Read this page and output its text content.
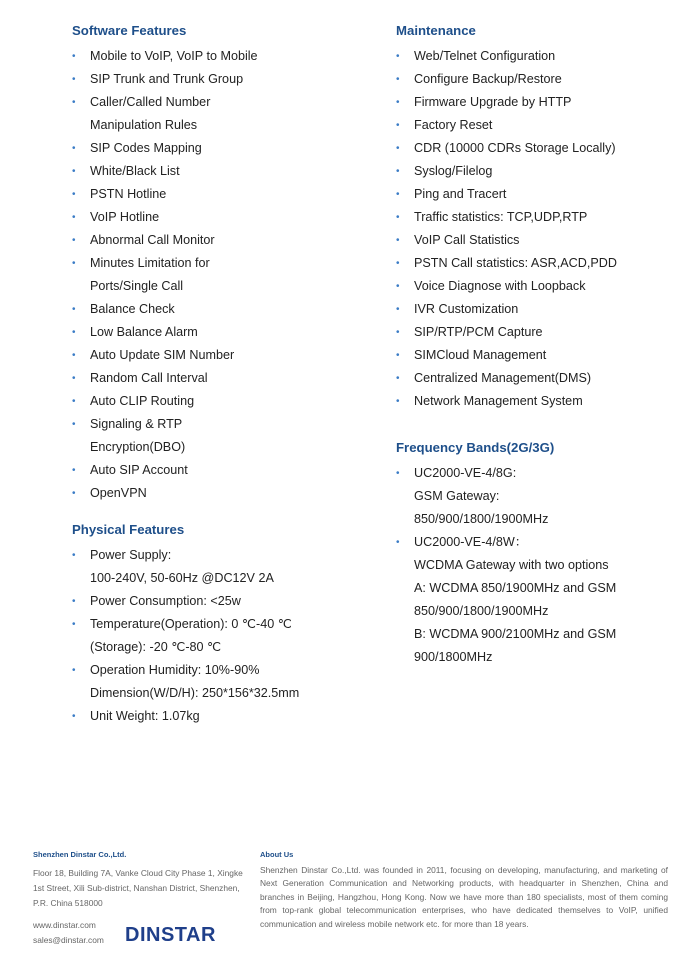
Software Features
• Mobile to VoIP, VoIP to Mobile
• SIP Trunk and Trunk Group
• Caller/Called Number
Manipulation Rules
• SIP Codes Mapping
• White/Black List
• PSTN Hotline
• VoIP Hotline
• Abnormal Call Monitor
• Minutes Limitation for
Ports/Single Call
• Balance Check
• Low Balance Alarm
• Auto Update SIM Number
• Random Call Interval
• Auto CLIP Routing
• Signaling & RTP
Encryption(DBO)
• Auto SIP Account
• OpenVPN
Physical Features
• Power Supply:
100-240V, 50-60Hz @DC12V 2A
• Power Consumption: <25w
• Temperature(Operation): 0 ℃-40 ℃
(Storage): -20 ℃-80 ℃
• Operation Humidity: 10%-90%
Dimension(W/D/H): 250*156*32.5mm
• Unit Weight: 1.07kg
Maintenance
• Web/Telnet Configuration
• Configure Backup/Restore
• Firmware Upgrade by HTTP
• Factory Reset
• CDR (10000 CDRs Storage Locally)
• Syslog/Filelog
• Ping and Tracert
• Traffic statistics: TCP,UDP,RTP
• VoIP Call Statistics
• PSTN Call statistics: ASR,ACD,PDD
• Voice Diagnose with Loopback
• IVR Customization
• SIP/RTP/PCM Capture
• SIMCloud Management
• Centralized Management(DMS)
• Network Management System
Frequency Bands(2G/3G)
• UC2000-VE-4/8G:
GSM Gateway:
850/900/1800/1900MHz
• UC2000-VE-4/8W：
WCDMA Gateway with two options
A: WCDMA 850/1900MHz and GSM
850/900/1800/1900MHz
B: WCDMA 900/2100MHz and GSM
900/1800MHz
Shenzhen Dinstar Co.,Ltd.
Floor 18, Building 7A, Vanke Cloud City Phase 1, Xingke 1st Street, Xili Sub-district, Nanshan District, Shenzhen, P.R. China 518000
www.dinstar.com
sales@dinstar.com	DINSTAR
About Us
Shenzhen Dinstar Co.,Ltd. was founded in 2011, focusing on developing, manufacturing, and marketing of Next Generation Communication and Networking products, with headquarter in Shenzhen, China and branches in Beijing, Hangzhou, Hong Kong. Now we have more than 180 specialists, most of them coming from top-rank global telecommunication enterprises, who have dedicated themselves to VoIP, unified communication and wireless mobile network etc. for more than 18 years.
